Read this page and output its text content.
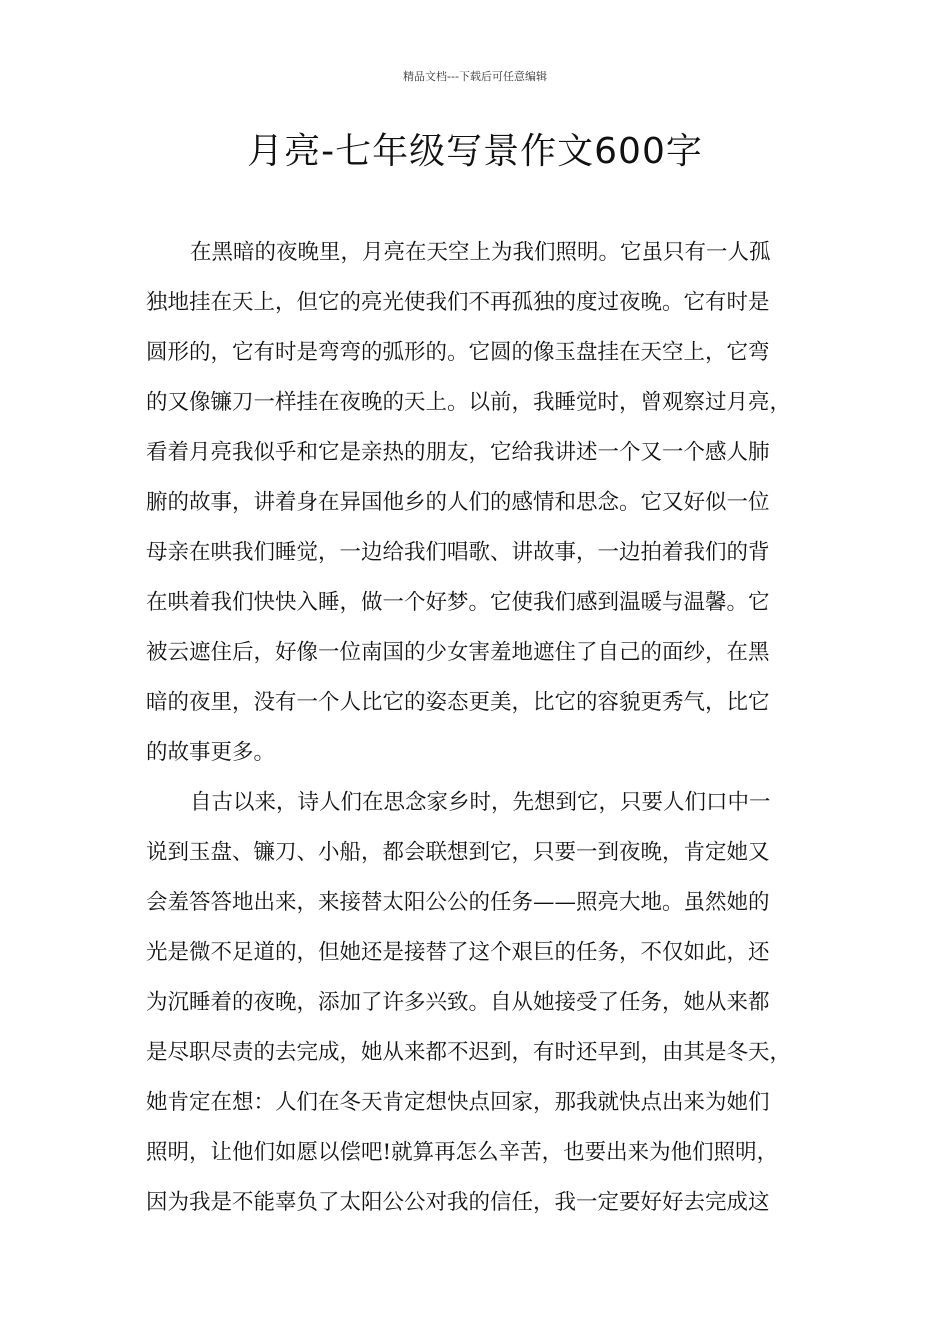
精品文档---下载后可任意编辑
月亮-七年级写景作文600字
在黑暗的夜晚里，月亮在天空上为我们照明。它虽只有一人孤
独地挂在天上，但它的亮光使我们不再孤独的度过夜晚。它有时是
圆形的，它有时是弯弯的弧形的。它圆的像玉盘挂在天空上，它弯
的又像镰刀一样挂在夜晚的天上。以前，我睡觉时，曾观察过月亮，
看着月亮我似乎和它是亲热的朋友，它给我讲述一个又一个感人肺
腑的故事，讲着身在异国他乡的人们的感情和思念。它又好似一位
母亲在哄我们睡觉，一边给我们唱歌、讲故事，一边拍着我们的背
在哄着我们快快入睡，做一个好梦。它使我们感到温暖与温馨。它
被云遮住后，好像一位南国的少女害羞地遮住了自己的面纱，在黑
暗的夜里，没有一个人比它的姿态更美，比它的容貌更秀气，比它
的故事更多。
自古以来，诗人们在思念家乡时，先想到它，只要人们口中一
说到玉盘、镰刀、小船，都会联想到它，只要一到夜晚，肯定她又
会羞答答地出来，来接替太阳公公的任务——照亮大地。虽然她的
光是微不足道的，但她还是接替了这个艰巨的任务，不仅如此，还
为沉睡着的夜晚，添加了许多兴致。自从她接受了任务，她从来都
是尽职尽责的去完成，她从来都不迟到，有时还早到，由其是冬天，
她肯定在想：人们在冬天肯定想快点回家，那我就快点出来为她们
照明，让他们如愿以偿吧!就算再怎么辛苦，也要出来为他们照明，
因为我是不能辜负了太阳公公对我的信任，我一定要好好去完成这
